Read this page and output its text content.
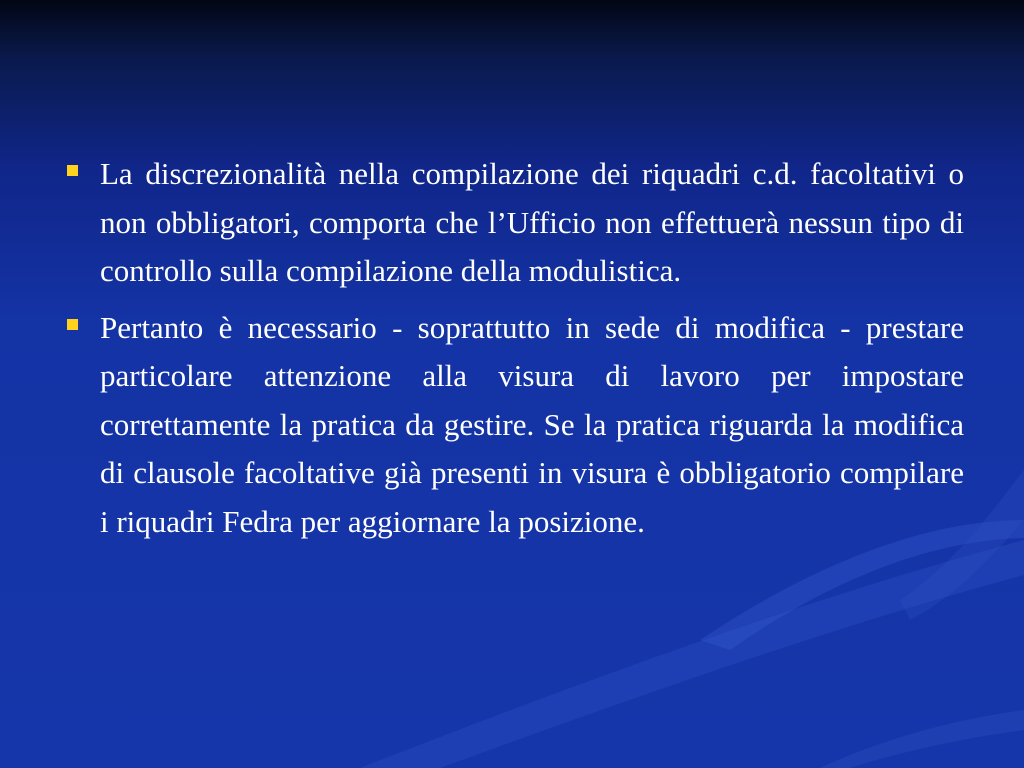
La discrezionalità nella compilazione dei riquadri c.d. facoltativi o non obbligatori, comporta che l’Ufficio non effettuerà nessun tipo di controllo sulla compilazione della modulistica.
Pertanto è necessario - soprattutto in sede di modifica - prestare particolare attenzione alla visura di lavoro per impostare correttamente la pratica da gestire. Se la pratica riguarda la modifica di clausole facoltative già presenti in visura è obbligatorio compilare i riquadri Fedra per aggiornare la posizione.
